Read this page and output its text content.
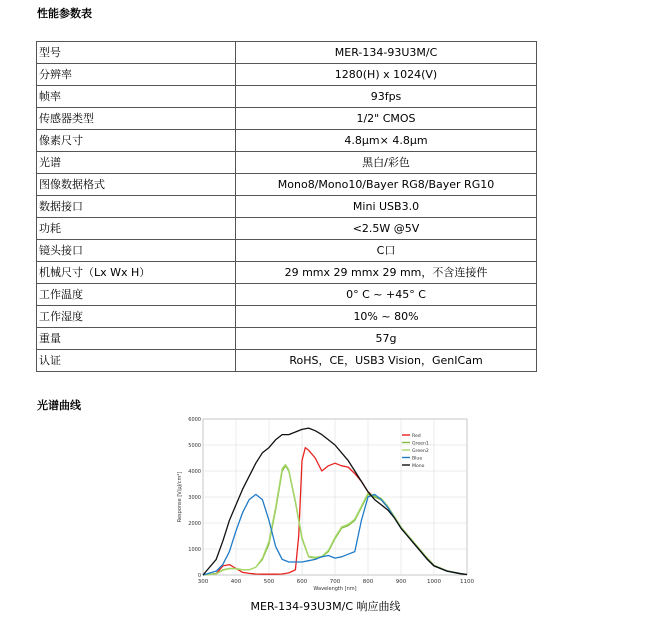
性能参数表
型号	MER-134-93U3M/C
分辨率	1280(H) x 1024(V)
帧率	93fps
传感器类型	1/2" CMOS
像素尺寸	4.8μm× 4.8μm
光谱	黑白/彩色
图像数据格式	Mono8/Mono10/Bayer RG8/Bayer RG10
数据接口	Mini USB3.0
功耗	<2.5W @5V
镜头接口	C口
机械尺寸（Lx Wx H）	29 mmx 29 mmx 29 mm，不含连接件
工作温度	0° C ~ +45° C
工作湿度	10% ~ 80%
重量	57g
认证	RoHS，CE，USB3 Vision，GenICam
光谱曲线
300	400	500	600	700	800	900	1000	1100
0
1000
2000
3000
4000
5000
6000
Wavelength [nm]
Response [V/μJ/cm²]
Red
Green1
Green2
Blue
Mono
MER-134-93U3M/C 响应曲线
